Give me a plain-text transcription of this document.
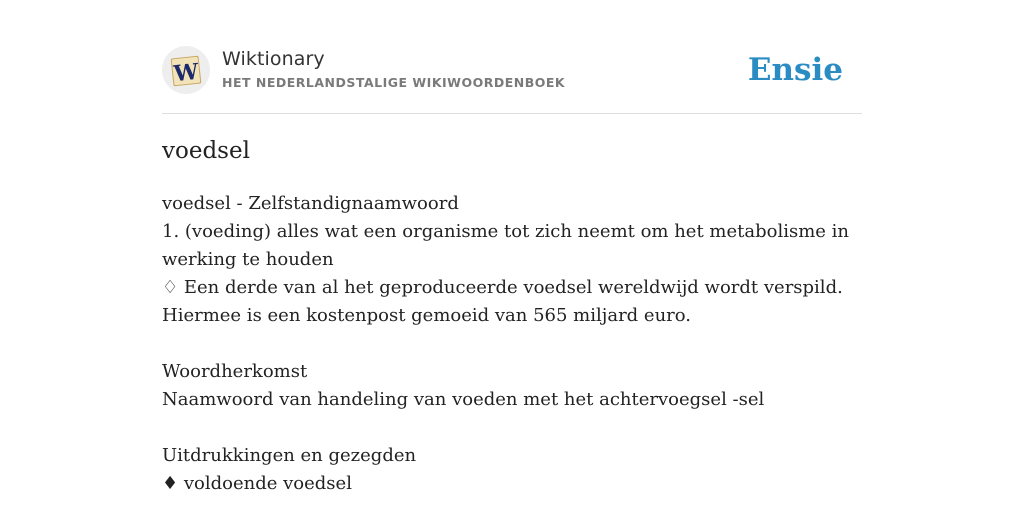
W Wiktionary
HET NEDERLANDSTALIGE WIKIWOORDENBOEK	Ensie
voedsel
voedsel - Zelfstandignaamwoord
1. (voeding) alles wat een organisme tot zich neemt om het metabolisme in werking te houden
♢ Een derde van al het geproduceerde voedsel wereldwijd wordt verspild.
Hiermee is een kostenpost gemoeid van 565 miljard euro.
Woordherkomst
Naamwoord van handeling van voeden met het achtervoegsel -sel
Uitdrukkingen en gezegden
♦ voldoende voedsel
